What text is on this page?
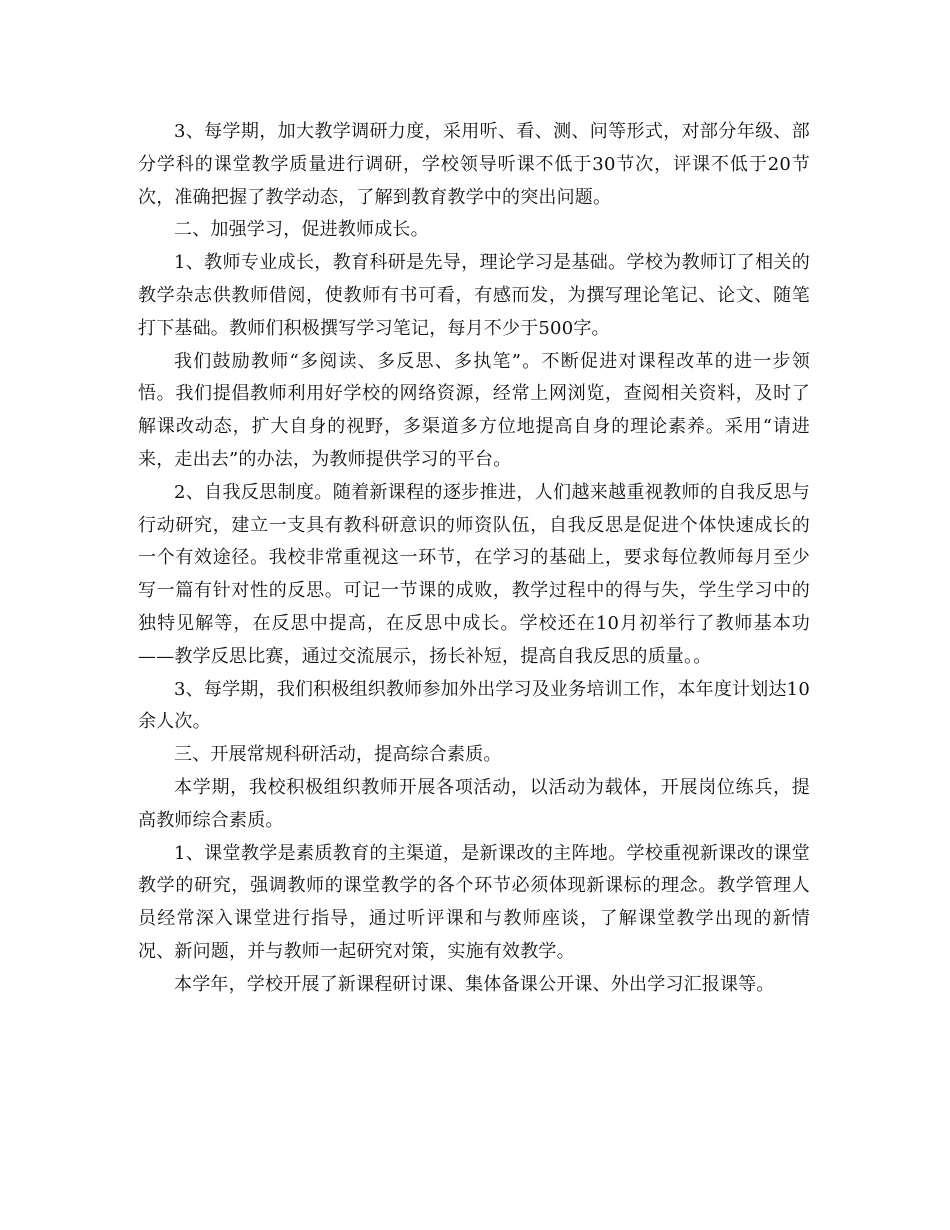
3、每学期，加大教学调研力度，采用听、看、测、问等形式，对部分年级、部分学科的课堂教学质量进行调研，学校领导听课不低于30节次，评课不低于20节次，准确把握了教学动态，了解到教育教学中的突出问题。

二、加强学习，促进教师成长。

1、教师专业成长，教育科研是先导，理论学习是基础。学校为教师订了相关的教学杂志供教师借阅，使教师有书可看，有感而发，为撰写理论笔记、论文、随笔打下基础。教师们积极撰写学习笔记，每月不少于500字。

我们鼓励教师“多阅读、多反思、多执笔”。不断促进对课程改革的进一步领悟。我们提倡教师利用好学校的网络资源，经常上网浏览，查阅相关资料，及时了解课改动态，扩大自身的视野，多渠道多方位地提高自身的理论素养。采用“请进来，走出去”的办法，为教师提供学习的平台。

2、自我反思制度。随着新课程的逐步推进，人们越来越重视教师的自我反思与行动研究，建立一支具有教科研意识的师资队伍，自我反思是促进个体快速成长的一个有效途径。我校非常重视这一环节，在学习的基础上，要求每位教师每月至少写一篇有针对性的反思。可记一节课的成败，教学过程中的得与失，学生学习中的独特见解等，在反思中提高，在反思中成长。学校还在10月初举行了教师基本功——教学反思比赛，通过交流展示，扬长补短，提高自我反思的质量。。

3、每学期，我们积极组织教师参加外出学习及业务培训工作，本年度计划达10余人次。

三、开展常规科研活动，提高综合素质。

本学期，我校积极组织教师开展各项活动，以活动为载体，开展岗位练兵，提高教师综合素质。

1、课堂教学是素质教育的主渠道，是新课改的主阵地。学校重视新课改的课堂教学的研究，强调教师的课堂教学的各个环节必须体现新课标的理念。教学管理人员经常深入课堂进行指导，通过听评课和与教师座谈，了解课堂教学出现的新情况、新问题，并与教师一起研究对策，实施有效教学。

本学年，学校开展了新课程研讨课、集体备课公开课、外出学习汇报课等。
